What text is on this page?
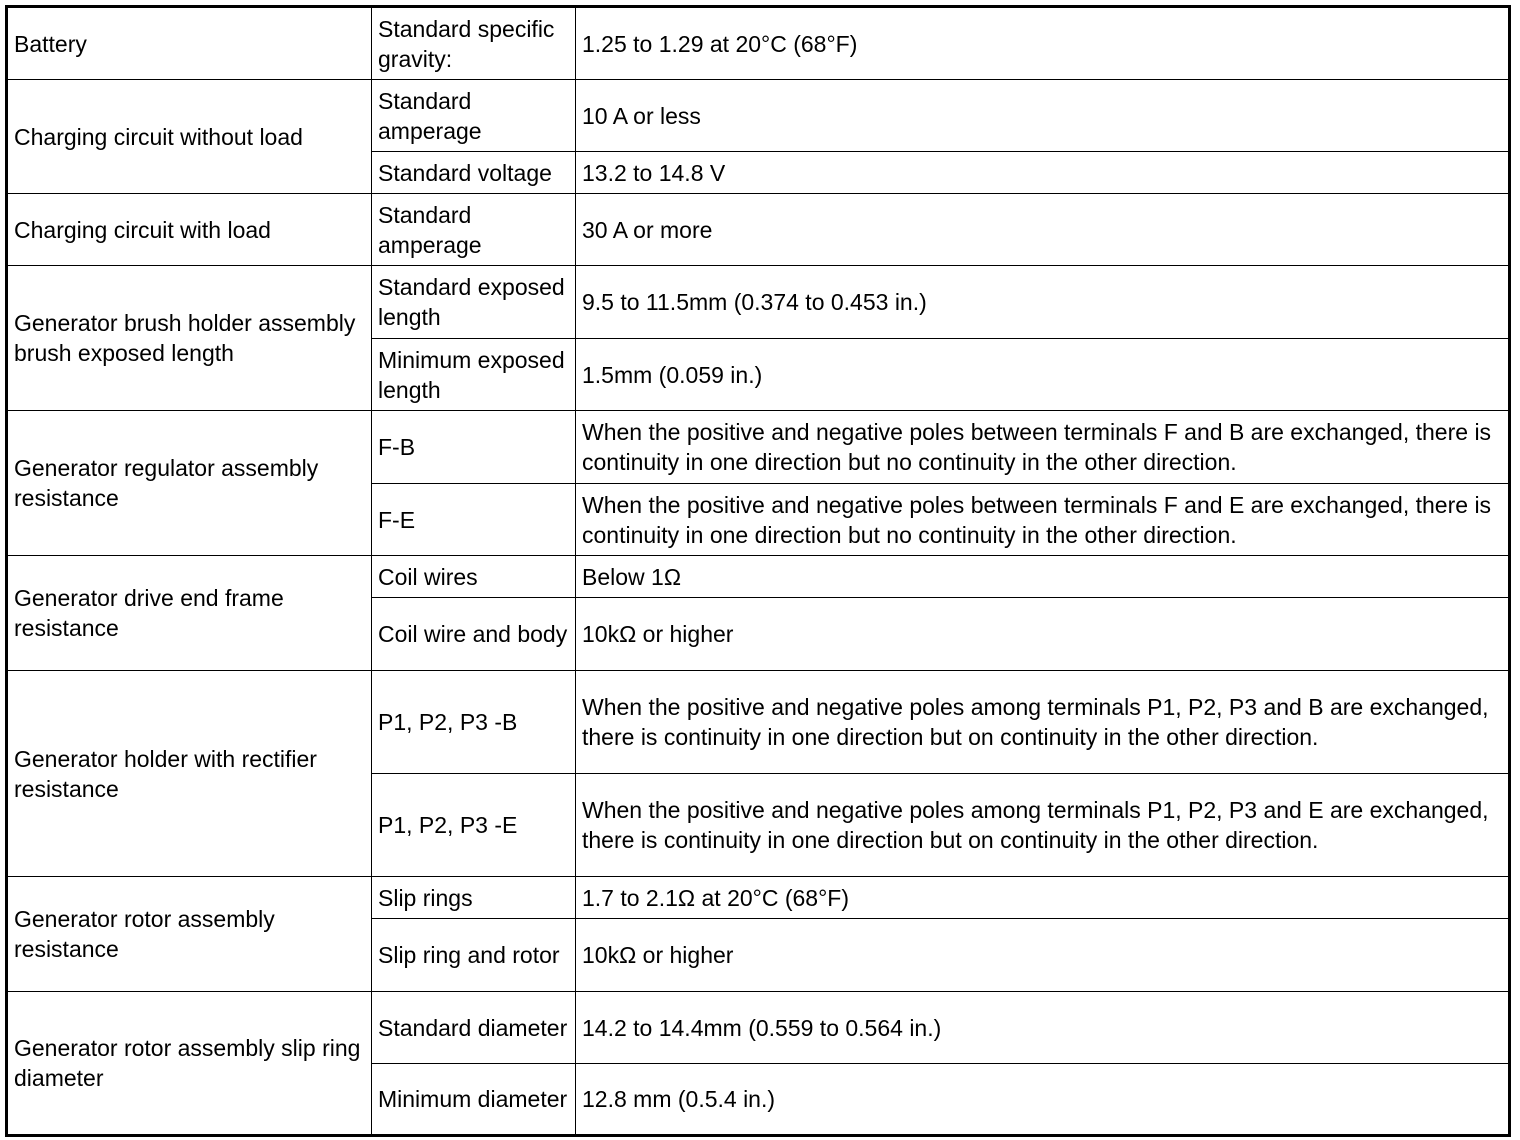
Battery	Standard specific gravity:	1.25 to 1.29 at 20°C (68°F)
Charging circuit without load	Standard amperage	10 A or less
	Standard voltage	13.2 to 14.8 V
Charging circuit with load	Standard amperage	30 A or more
Generator brush holder assembly brush exposed length	Standard exposed length	9.5 to 11.5mm (0.374 to 0.453 in.)
	Minimum exposed length	1.5mm (0.059 in.)
Generator regulator assembly resistance	F-B	When the positive and negative poles between terminals F and B are exchanged, there is continuity in one direction but no continuity in the other direction.
	F-E	When the positive and negative poles between terminals F and E are exchanged, there is continuity in one direction but no continuity in the other direction.
Generator drive end frame resistance	Coil wires	Below 1Ω
	Coil wire and body	10kΩ or higher
Generator holder with rectifier resistance	P1, P2, P3 -B	When the positive and negative poles among terminals P1, P2, P3 and B are exchanged, there is continuity in one direction but on continuity in the other direction.
	P1, P2, P3 -E	When the positive and negative poles among terminals P1, P2, P3 and E are exchanged, there is continuity in one direction but on continuity in the other direction.
Generator rotor assembly resistance	Slip rings	1.7 to 2.1Ω at 20°C (68°F)
	Slip ring and rotor	10kΩ or higher
Generator rotor assembly slip ring diameter	Standard diameter	14.2 to 14.4mm (0.559 to 0.564 in.)
	Minimum diameter	12.8 mm (0.5.4 in.)
